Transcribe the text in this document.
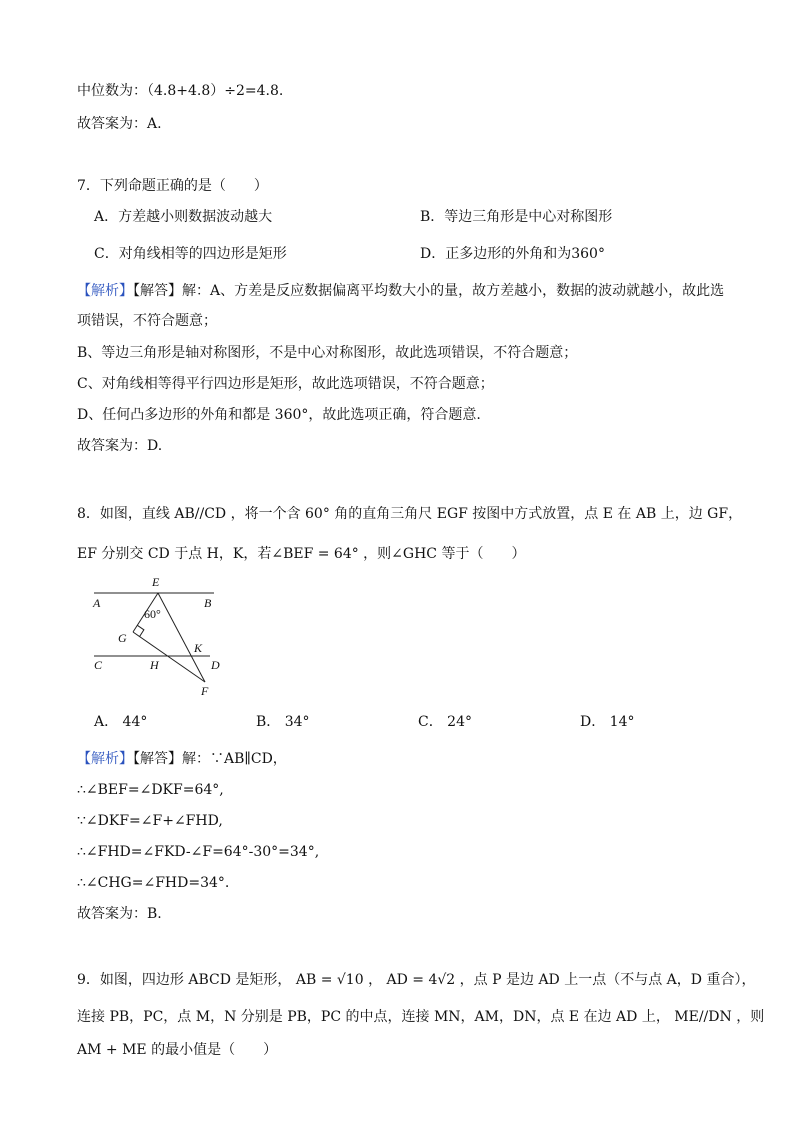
中位数为：（4.8+4.8）÷2=4.8.
故答案为：A.
7．下列命题正确的是（　　）
A．方差越小则数据波动越大	B．等边三角形是中心对称图形
C．对角线相等的四边形是矩形	D．正多边形的外角和为360°
【解析】【解答】解：A、方差是反应数据偏离平均数大小的量，故方差越小，数据的波动就越小，故此选
项错误，不符合题意；
B、等边三角形是轴对称图形，不是中心对称图形，故此选项错误，不符合题意；
C、对角线相等得平行四边形是矩形，故此选项错误，不符合题意；
D、任何凸多边形的外角和都是 360°，故此选项正确，符合题意.
故答案为：D.
8．如图，直线 AB//CD ，将一个含 60° 角的直角三角尺 EGF 按图中方式放置，点 E 在 AB 上，边 GF，
EF 分别交 CD 于点 H，K，若∠BEF = 64° ，则∠GHC 等于（　　）
E
A	B
60°
G
K
C	H	D
F
A． 44°	B． 34°	C． 24°	D． 14°
【解析】【解答】解：∵AB∥CD，
∴∠BEF=∠DKF=64°,
∵∠DKF=∠F+∠FHD,
∴∠FHD=∠FKD-∠F=64°-30°=34°,
∴∠CHG=∠FHD=34°.
故答案为：B.
9．如图，四边形 ABCD 是矩形， AB = √10 ， AD = 4√2 ，点 P 是边 AD 上一点（不与点 A，D 重合），
连接 PB，PC，点 M，N 分别是 PB，PC 的中点，连接 MN，AM，DN，点 E 在边 AD 上， ME//DN ，则
AM + ME 的最小值是（　　）
